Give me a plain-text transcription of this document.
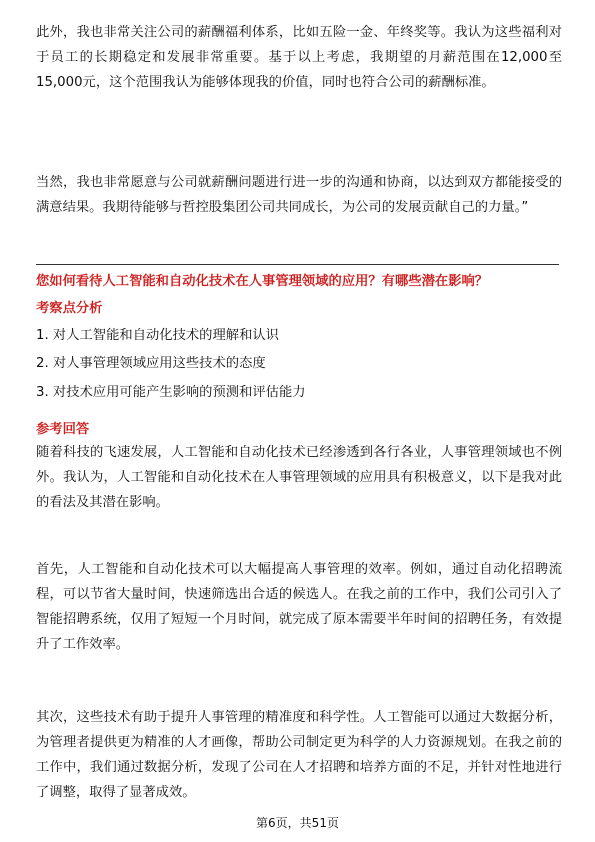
此外，我也非常关注公司的薪酬福利体系，比如五险一金、年终奖等。我认为这些福利对于员工的长期稳定和发展非常重要。基于以上考虑，我期望的月薪范围在12,000至15,000元，这个范围我认为能够体现我的价值，同时也符合公司的薪酬标准。

当然，我也非常愿意与公司就薪酬问题进行进一步的沟通和协商，以达到双方都能接受的满意结果。我期待能够与哲控股集团公司共同成长，为公司的发展贡献自己的力量。”

您如何看待人工智能和自动化技术在人事管理领域的应用？有哪些潜在影响？

考察点分析

1. 对人工智能和自动化技术的理解和认识

2. 对人事管理领域应用这些技术的态度

3. 对技术应用可能产生影响的预测和评估能力

参考回答

随着科技的飞速发展，人工智能和自动化技术已经渗透到各行各业，人事管理领域也不例外。我认为，人工智能和自动化技术在人事管理领域的应用具有积极意义，以下是我对此的看法及其潜在影响。

首先，人工智能和自动化技术可以大幅提高人事管理的效率。例如，通过自动化招聘流程，可以节省大量时间，快速筛选出合适的候选人。在我之前的工作中，我们公司引入了智能招聘系统，仅用了短短一个月时间，就完成了原本需要半年时间的招聘任务，有效提升了工作效率。

其次，这些技术有助于提升人事管理的精准度和科学性。人工智能可以通过大数据分析，为管理者提供更为精准的人才画像，帮助公司制定更为科学的人力资源规划。在我之前的工作中，我们通过数据分析，发现了公司在人才招聘和培养方面的不足，并针对性地进行了调整，取得了显著成效。

第6页，共51页
